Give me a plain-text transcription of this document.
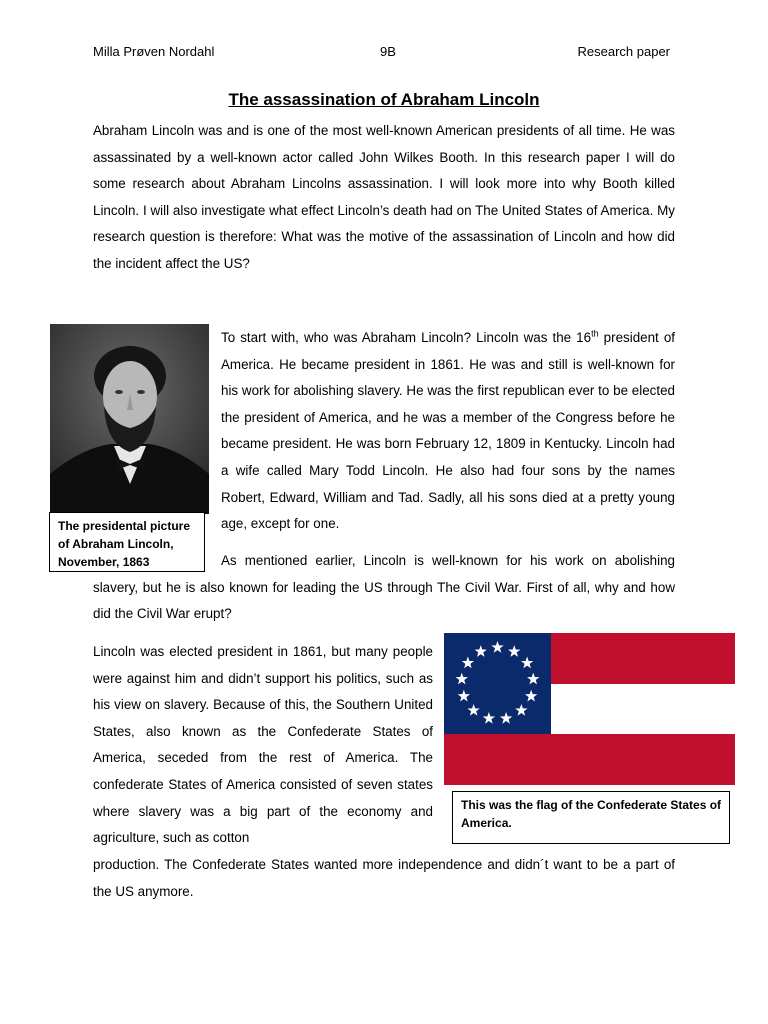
Milla Prøven Nordahl	9B	Research paper
The assassination of Abraham Lincoln

Abraham Lincoln was and is one of the most well-known American presidents of all time. He was assassinated by a well-known actor called John Wilkes Booth. In this research paper I will do some research about Abraham Lincolns assassination. I will look more into why Booth killed Lincoln. I will also investigate what effect Lincoln’s death had on The United States of America. My research question is therefore: What was the motive of the assassination of Lincoln and how did the incident affect the US?

The presidental picture of Abraham Lincoln, November, 1863

To start with, who was Abraham Lincoln? Lincoln was the 16th president of America. He became president in 1861. He was and still is well-known for his work for abolishing slavery. He was the first republican ever to be elected the president of America, and he was a member of the Congress before he became president. He was born February 12, 1809 in Kentucky. Lincoln had a wife called Mary Todd Lincoln. He also had four sons by the names Robert, Edward, William and Tad. Sadly, all his sons died at a pretty young age, except for one.

As mentioned earlier, Lincoln is well-known for his work on abolishing slavery, but he is also known for leading the US through The Civil War. First of all, why and how did the Civil War erupt?

Lincoln was elected president in 1861, but many people were against him and didn’t support his politics, such as his view on slavery. Because of this, the Southern United States, also known as the Confederate States of America, seceded from the rest of America. The confederate States of America consisted of seven states where slavery was a big part of the economy and agriculture, such as cotton

This was the flag of the Confederate States of America.

production. The Confederate States wanted more independence and didn´t want to be a part of the US anymore.
